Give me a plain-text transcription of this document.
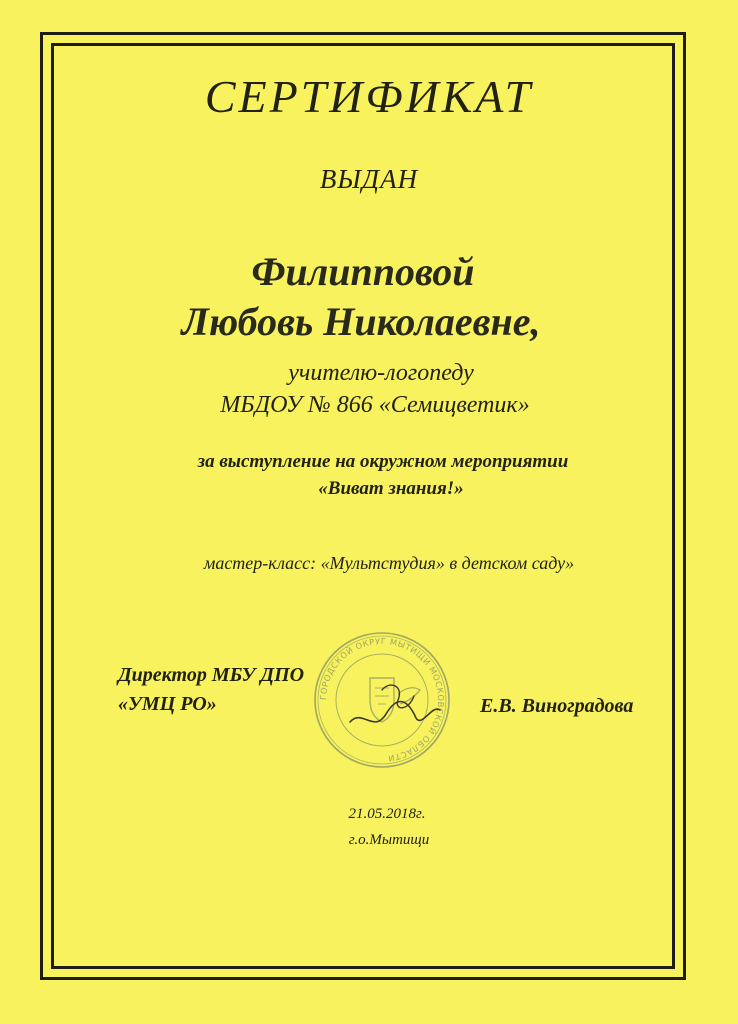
СЕРТИФИКАТ

ВЫДАН

Филипповой

Любовь Николаевне,

учителю-логопеду

МБДОУ № 866 «Семицветик»

за выступление на окружном мероприятии

«Виват знания!»

мастер-класс: «Мультстудия» в детском саду»

ГОРОДСКОЙ ОКРУГ МЫТИЩИ МОСКОВСКОЙ ОБЛАСТИ
Директор МБУ ДПО
«УМЦ РО»	Е.В. Виноградова

21.05.2018г.

г.о.Мытищи
